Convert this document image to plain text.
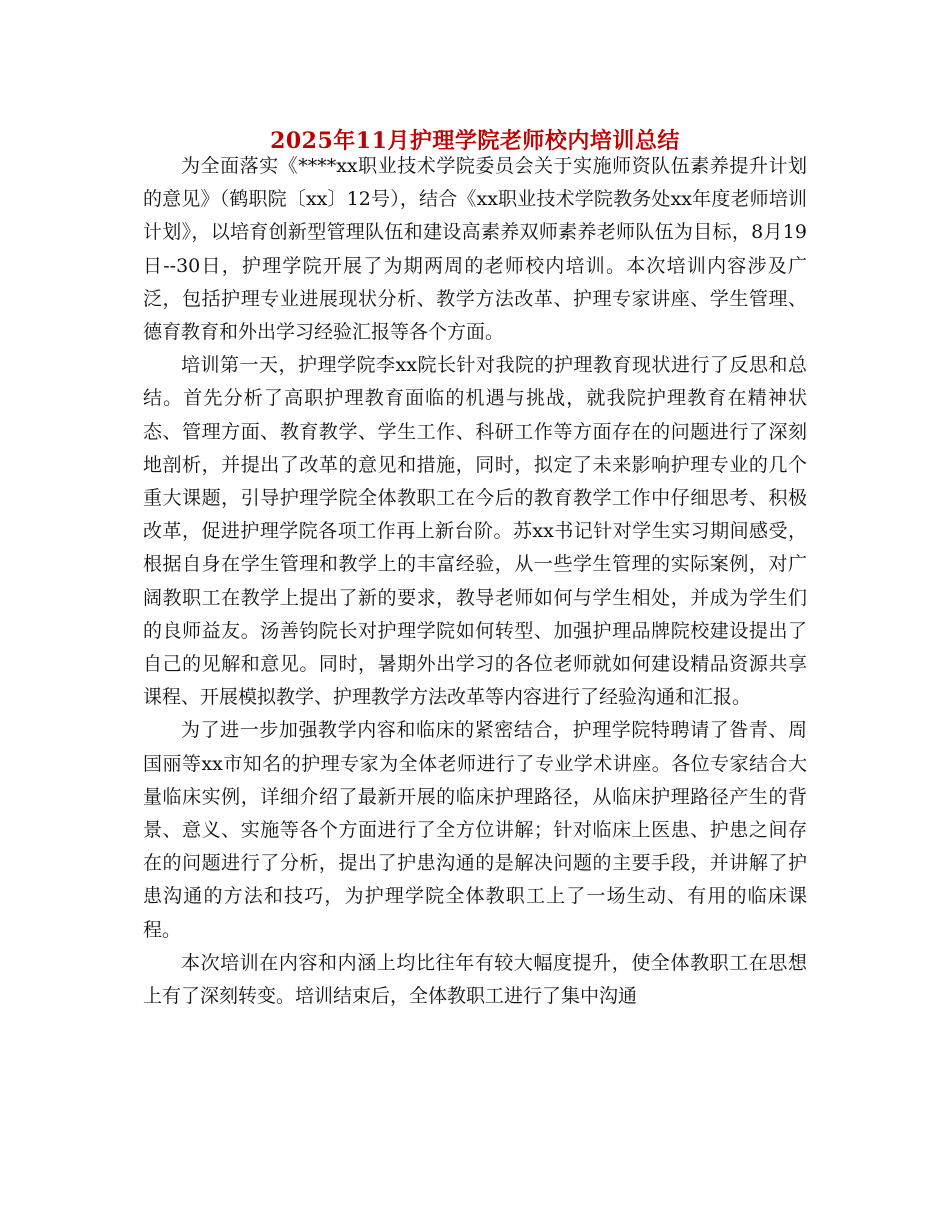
2025年11月护理学院老师校内培训总结

为全面落实《****xx职业技术学院委员会关于实施师资队伍素养提升计划的意见》（鹤职院〔xx〕12号），结合《xx职业技术学院教务处xx年度老师培训计划》，以培育创新型管理队伍和建设高素养双师素养老师队伍为目标，8月19日--30日，护理学院开展了为期两周的老师校内培训。本次培训内容涉及广泛，包括护理专业进展现状分析、教学方法改革、护理专家讲座、学生管理、德育教育和外出学习经验汇报等各个方面。

培训第一天，护理学院李xx院长针对我院的护理教育现状进行了反思和总结。首先分析了高职护理教育面临的机遇与挑战，就我院护理教育在精神状态、管理方面、教育教学、学生工作、科研工作等方面存在的问题进行了深刻地剖析，并提出了改革的意见和措施，同时，拟定了未来影响护理专业的几个重大课题，引导护理学院全体教职工在今后的教育教学工作中仔细思考、积极改革，促进护理学院各项工作再上新台阶。苏xx书记针对学生实习期间感受，根据自身在学生管理和教学上的丰富经验，从一些学生管理的实际案例，对广阔教职工在教学上提出了新的要求，教导老师如何与学生相处，并成为学生们的良师益友。汤善钧院长对护理学院如何转型、加强护理品牌院校建设提出了自己的见解和意见。同时，暑期外出学习的各位老师就如何建设精品资源共享课程、开展模拟教学、护理教学方法改革等内容进行了经验沟通和汇报。

为了进一步加强教学内容和临床的紧密结合，护理学院特聘请了昝青、周国丽等xx市知名的护理专家为全体老师进行了专业学术讲座。各位专家结合大量临床实例，详细介绍了最新开展的临床护理路径，从临床护理路径产生的背景、意义、实施等各个方面进行了全方位讲解；针对临床上医患、护患之间存在的问题进行了分析，提出了护患沟通的是解决问题的主要手段，并讲解了护患沟通的方法和技巧，为护理学院全体教职工上了一场生动、有用的临床课程。

本次培训在内容和内涵上均比往年有较大幅度提升，使全体教职工在思想上有了深刻转变。培训结束后，全体教职工进行了集中沟通
